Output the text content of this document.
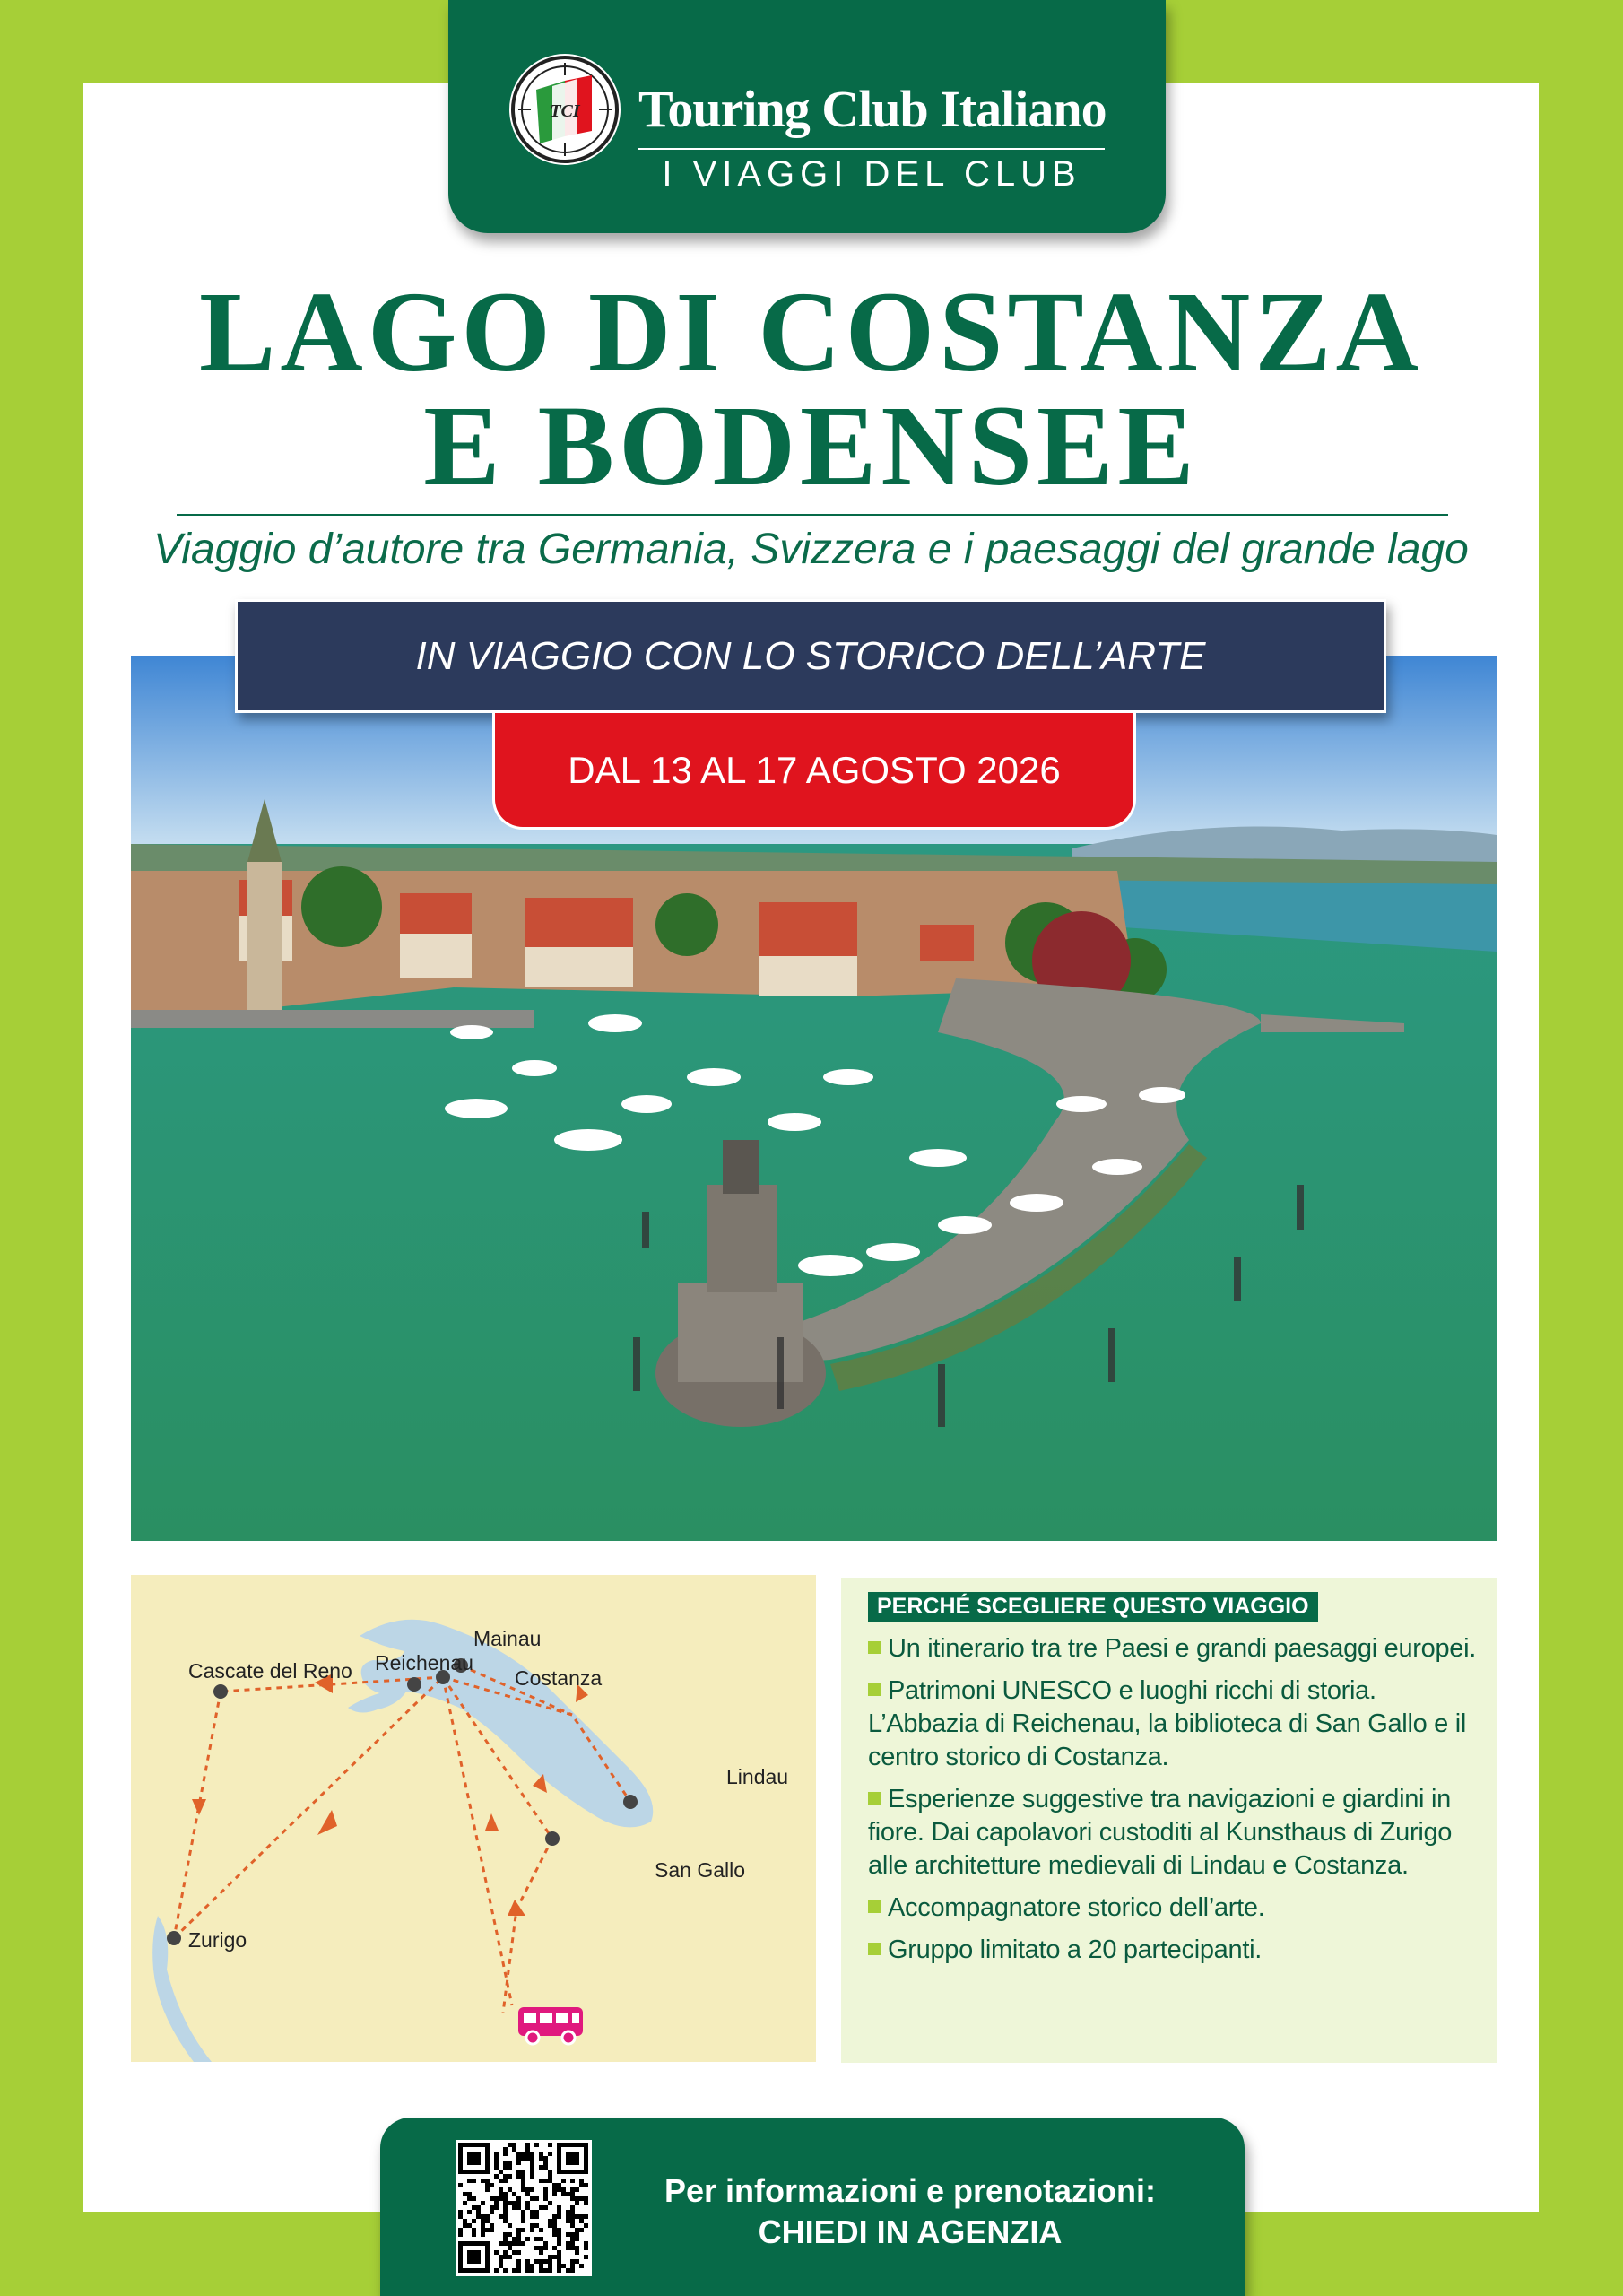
TCI Touring Club Italiano
I VIAGGI DEL CLUB
LAGO DI COSTANZA
E BODENSEE
Viaggio d’autore tra Germania, Svizzera e i paesaggi del grande lago
IN VIAGGIO CON LO STORICO DELL’ARTE
DAL 13 AL 17 AGOSTO 2026
Mainau
Reichenau
Cascate del Reno	Costanza
Lindau
San Gallo
Zurigo
PERCHÉ SCEGLIERE QUESTO VIAGGIO
Un itinerario tra tre Paesi e grandi paesaggi europei.
Patrimoni UNESCO e luoghi ricchi di storia. L’Abbazia di Reichenau, la biblioteca di San Gallo e il centro storico di Costanza.
Esperienze suggestive tra navigazioni e giardini in fiore. Dai capolavori custoditi al Kunsthaus di Zurigo alle architetture medievali di Lindau e Costanza.
Accompagnatore storico dell’arte.
Gruppo limitato a 20 partecipanti.
Per informazioni e prenotazioni:
CHIEDI IN AGENZIA
